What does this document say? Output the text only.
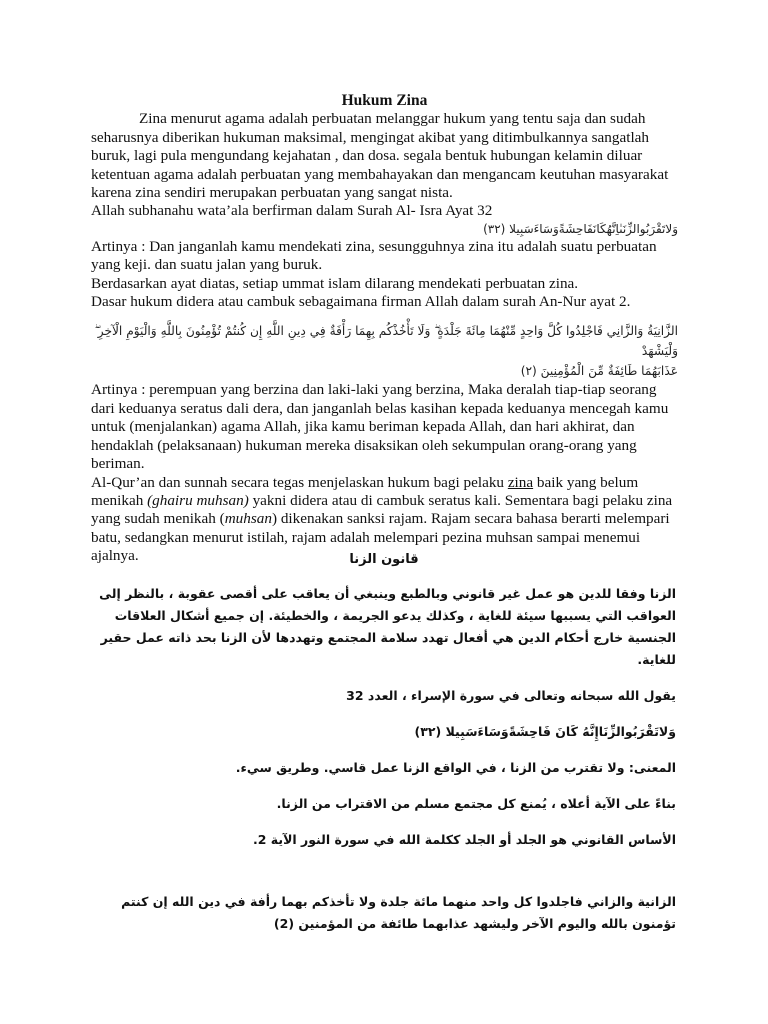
Hukum Zina

Zina menurut agama adalah perbuatan melanggar hukum yang tentu saja dan sudah seharusnya diberikan hukuman maksimal, mengingat akibat yang ditimbulkannya sangatlah buruk, lagi pula mengundang kejahatan , dan dosa. segala bentuk hubungan kelamin diluar ketentuan agama adalah perbuatan yang membahayakan dan mengancam keutuhan masyarakat karena zina sendiri merupakan perbuatan yang sangat nista.

Allah subhanahu wata’ala berfirman dalam Surah Al- Isra Ayat 32

وَلاتَقْرَبُوالزِّنَىٰاِنَّهُكَانَفَاحِشَةًوَسَاءَسَبِيلا (٣٢)

Artinya : Dan janganlah kamu mendekati zina, sesungguhnya zina itu adalah suatu perbuatan yang keji. dan suatu jalan yang buruk.

Berdasarkan ayat diatas, setiap ummat islam dilarang mendekati perbuatan zina.

Dasar hukum didera atau cambuk sebagaimana firman Allah dalam surah An-Nur ayat 2.

الزَّانِيَةُ وَالزَّانِي فَاجْلِدُوا كُلَّ وَاحِدٍ مِّنْهُمَا مِائَةَ جَلْدَةٍ ۖ وَلَا تَأْخُذْكُم بِهِمَا رَأْفَةٌ فِي دِينِ اللَّهِ إِن كُنتُمْ تُؤْمِنُونَ بِاللَّهِ وَالْيَوْمِ الْآخِرِ ۖ وَلْيَشْهَدْ
عَذَابَهُمَا طَائِفَةٌ مِّنَ الْمُؤْمِنِينَ (٢)

Artinya : perempuan yang berzina dan laki-laki yang berzina, Maka deralah tiap-tiap seorang dari keduanya seratus dali dera, dan janganlah belas kasihan kepada keduanya mencegah kamu untuk (menjalankan) agama Allah, jika kamu beriman kepada Allah, dan hari akhirat, dan hendaklah (pelaksanaan) hukuman mereka disaksikan oleh sekumpulan orang-orang yang beriman.

Al-Qur’an dan sunnah secara tegas menjelaskan hukum bagi pelaku zina baik yang belum menikah (ghairu muhsan) yakni didera atau di cambuk seratus kali. Sementara bagi pelaku zina yang sudah menikah (muhsan) dikenakan sanksi rajam. Rajam secara bahasa berarti melempari batu, sedangkan menurut istilah, rajam adalah melempari pezina muhsan sampai menemui ajalnya.	قانون الزنا

الزنا وفقا للدين هو عمل غير قانوني وبالطبع وينبغي أن يعاقب على أقصى عقوبة ، بالنظر إلى العواقب التي يسببها سيئة للغاية ، وكذلك يدعو الجريمة ، والخطيئة. إن جميع أشكال العلاقات الجنسية خارج أحكام الدين هي أفعال تهدد سلامة المجتمع وتهددها لأن الزنا بحد ذاته عمل حقير للغاية.

يقول الله سبحانه وتعالى في سورة الإسراء ، العدد 32

وَلاتَقْرَبُوالزِّنَاإِنَّهُ كَانَ فَاحِشَةًوَسَاءَسَبِيلا (٣٢)

المعنى: ولا تقترب من الزنا ، في الواقع الزنا عمل قاسي. وطريق سيء.

بناءً على الآية أعلاه ، يُمنع كل مجتمع مسلم من الاقتراب من الزنا.

الأساس القانوني هو الجلد أو الجلد ككلمة الله في سورة النور الآية 2.

الزانية والزاني فاجلدوا كل واحد منهما مائة جلدة ولا تأخذكم بهما رأفة في دين الله إن كنتم تؤمنون بالله واليوم الآخر وليشهد عذابهما طائفة من المؤمنين (2)
